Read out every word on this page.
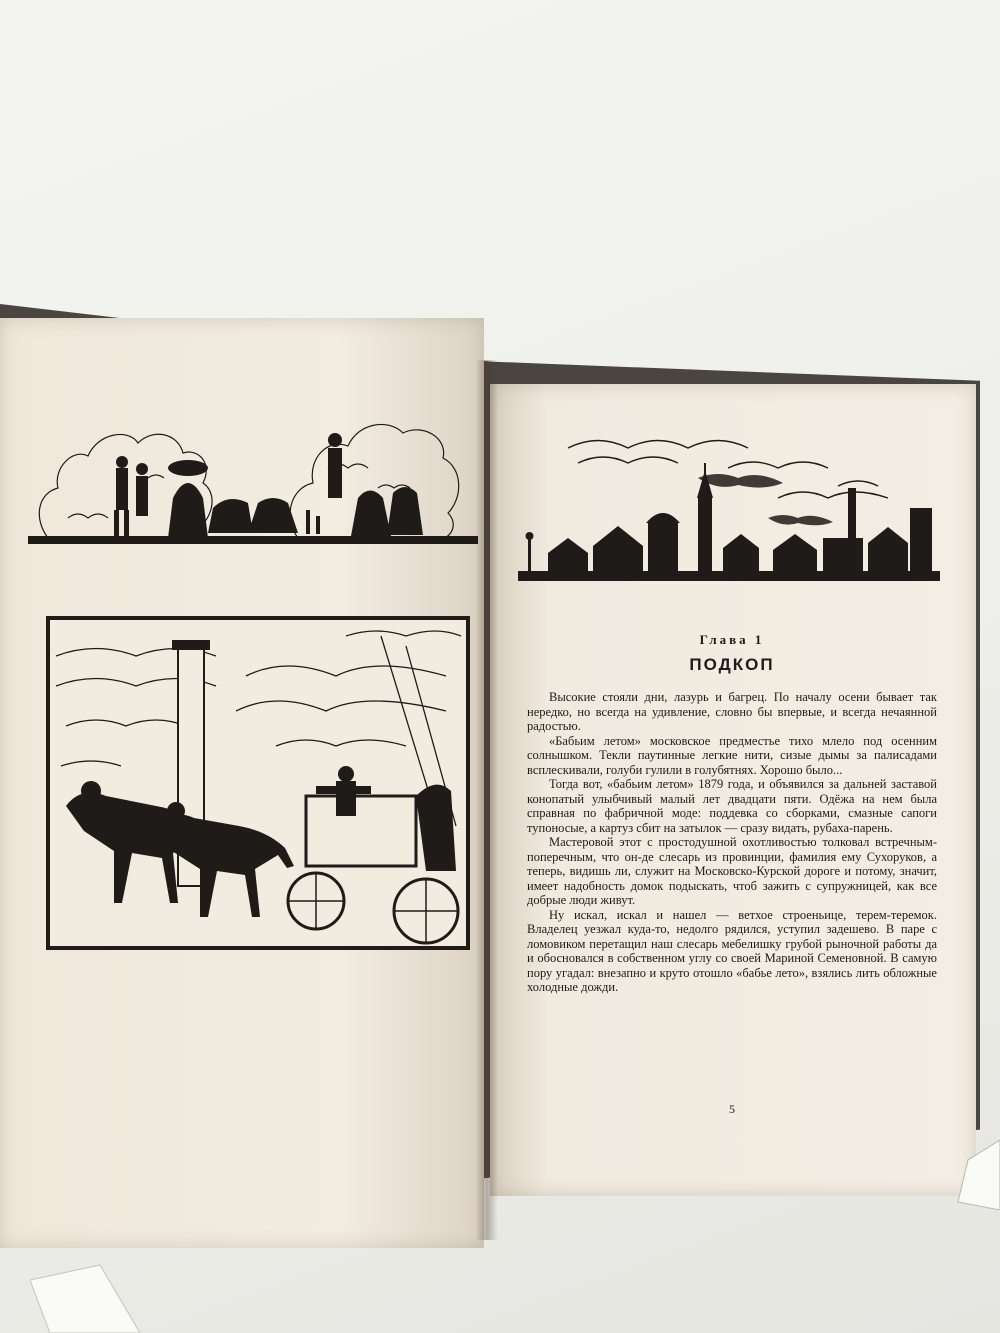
Глава 1
ПОДКОП

Высокие стояли дни, лазурь и багрец. По началу осени бывает так нередко, но всегда на удивление, словно бы впервые, и всегда нечаянной радостью.

«Бабьим летом» московское предместье тихо млело под осенним солнышком. Текли паутинные легкие нити, сизые дымы за палисадами всплескивали, голуби гулили в голубятнях. Хорошо было...

Тогда вот, «бабьим летом» 1879 года, и объявился за дальней заставой конопатый улыбчивый малый лет двадцати пяти. Одёжа на нем была справная по фабричной моде: поддевка со сборками, смазные сапоги тупоносые, а картуз сбит на затылок — сразу видать, рубаха-парень.

Мастеровой этот с простодушной охотливостью толковал встречным-поперечным, что он-де слесарь из провинции, фамилия ему Сухоруков, а теперь, видишь ли, служит на Московско-Курской дороге и потому, значит, имеет надобность домок подыскать, чтоб зажить с супружницей, как все добрые люди живут.

Ну искал, искал и нашел — ветхое строеньице, терем-теремок. Владелец уезжал куда-то, недолго рядился, уступил задешево. В паре с ломовиком перетащил наш слесарь мебелишку грубой рыночной работы да и обосновался в собственном углу со своей Мариной Семеновной. В самую пору угадал: внезапно и круто отошло «бабье лето», взялись лить обложные холодные дожди.

5
